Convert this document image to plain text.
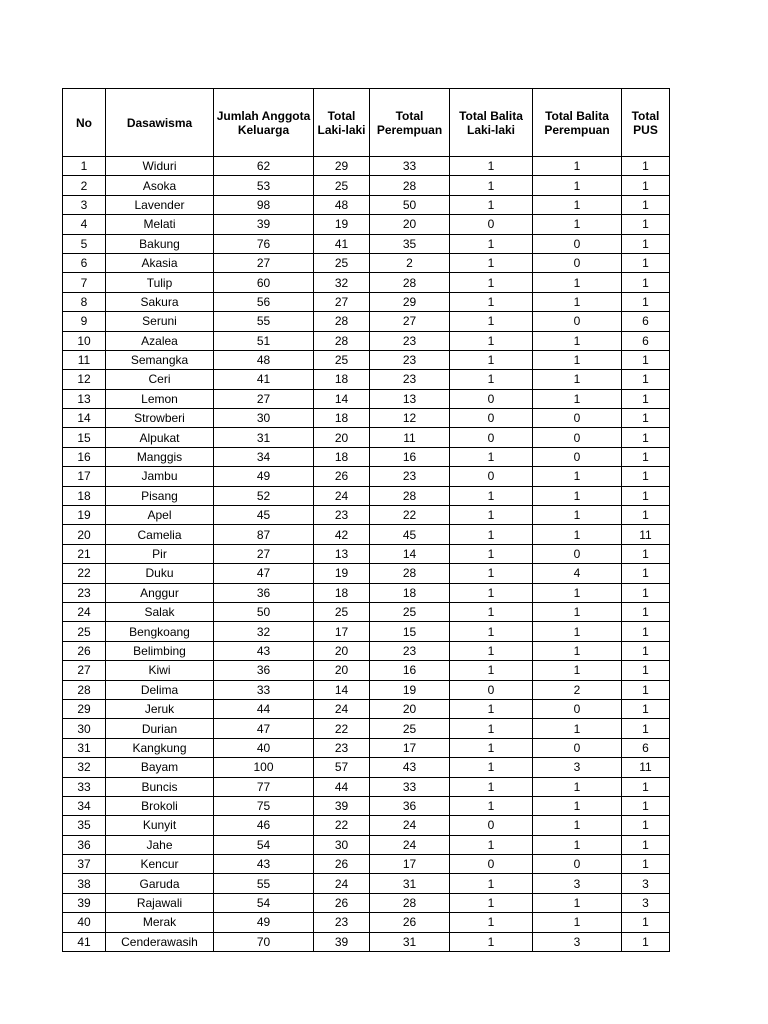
No	Dasawisma	Jumlah Anggota Keluarga	Total Laki-laki	Total Perempuan	Total Balita Laki-laki	Total Balita Perempuan	Total PUS
1	Widuri	62	29	33	1	1	1
2	Asoka	53	25	28	1	1	1
3	Lavender	98	48	50	1	1	1
4	Melati	39	19	20	0	1	1
5	Bakung	76	41	35	1	0	1
6	Akasia	27	25	2	1	0	1
7	Tulip	60	32	28	1	1	1
8	Sakura	56	27	29	1	1	1
9	Seruni	55	28	27	1	0	6
10	Azalea	51	28	23	1	1	6
11	Semangka	48	25	23	1	1	1
12	Ceri	41	18	23	1	1	1
13	Lemon	27	14	13	0	1	1
14	Strowberi	30	18	12	0	0	1
15	Alpukat	31	20	11	0	0	1
16	Manggis	34	18	16	1	0	1
17	Jambu	49	26	23	0	1	1
18	Pisang	52	24	28	1	1	1
19	Apel	45	23	22	1	1	1
20	Camelia	87	42	45	1	1	11
21	Pir	27	13	14	1	0	1
22	Duku	47	19	28	1	4	1
23	Anggur	36	18	18	1	1	1
24	Salak	50	25	25	1	1	1
25	Bengkoang	32	17	15	1	1	1
26	Belimbing	43	20	23	1	1	1
27	Kiwi	36	20	16	1	1	1
28	Delima	33	14	19	0	2	1
29	Jeruk	44	24	20	1	0	1
30	Durian	47	22	25	1	1	1
31	Kangkung	40	23	17	1	0	6
32	Bayam	100	57	43	1	3	11
33	Buncis	77	44	33	1	1	1
34	Brokoli	75	39	36	1	1	1
35	Kunyit	46	22	24	0	1	1
36	Jahe	54	30	24	1	1	1
37	Kencur	43	26	17	0	0	1
38	Garuda	55	24	31	1	3	3
39	Rajawali	54	26	28	1	1	3
40	Merak	49	23	26	1	1	1
41	Cenderawasih	70	39	31	1	3	1
